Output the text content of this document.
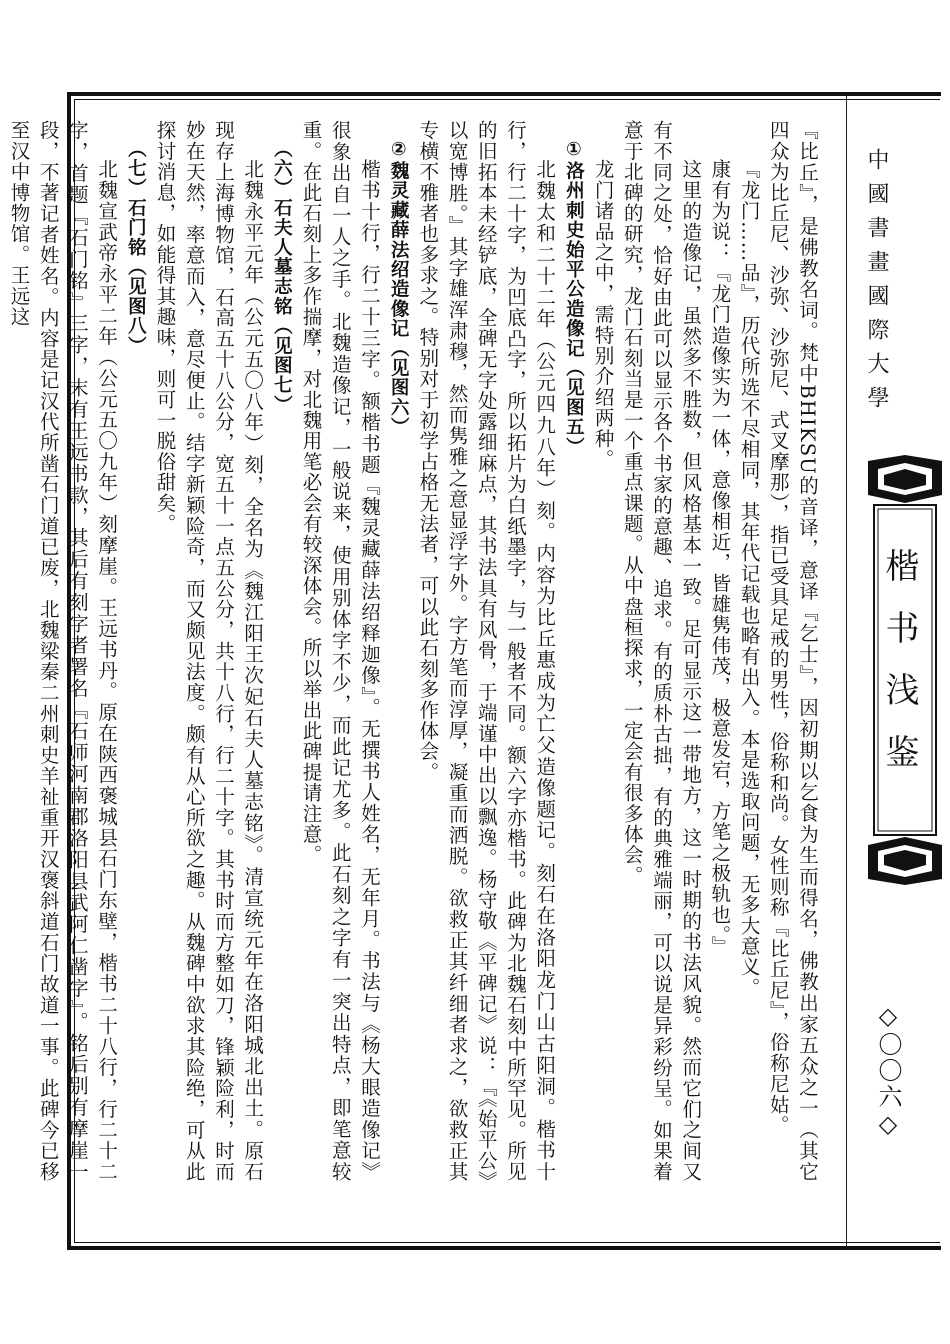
中國書畫國際大學
楷书浅鉴
◇〇〇六◇

『比丘』，是佛教名词。梵中BHIKSU的音译，意译『乞士』，因初期以乞食为生而得名，佛教出家五众之一（其它四众为比丘尼、沙弥、沙弥尼、式叉摩那），指已受具足戒的男性，俗称和尚。女性则称『比丘尼』，俗称尼姑。

『龙门……品』，历代所选不尽相同，其年代记载也略有出入。本是选取问题，无多大意义。

康有为说：『龙门造像实为一体，意像相近，皆雄隽伟茂，极意发宕，方笔之极轨也。』

这里的造像记，虽然多不胜数，但风格基本一致。足可显示这一带地方，这一时期的书法风貌。然而它们之间又有不同之处，恰好由此可以显示各个书家的意趣、追求。有的质朴古拙，有的典雅端丽，可以说是异彩纷呈。如果着意于北碑的研究，龙门石刻当是一个重点课题。从中盘桓探求，一定会有很多体会。

龙门诸品之中，需特别介绍两种。

①洛州刺史始平公造像记（见图五）

北魏太和二十二年（公元四九八年）刻。内容为比丘惠成为亡父造像题记。刻石在洛阳龙门山古阳洞。楷书十行，行二十字，为凹底凸字，所以拓片为白纸墨字，与一般者不同。额六字亦楷书。此碑为北魏石刻中所罕见。所见的旧拓本未经铲底，全碑无字处露细麻点，其书法具有风骨，于端谨中出以飘逸。杨守敬《平碑记》说：『《始平公》以宽博胜。』其字雄浑肃穆，然而隽雅之意显浮字外。字方笔而淳厚，凝重而洒脱。欲救正其纤细者求之，欲救正其专横不雅者也多求之。特别对于初学占格无法者，可以此石刻多作体会。

②魏灵藏薛法绍造像记（见图六）

楷书十行，行二十三字。额楷书题『魏灵藏薛法绍释迦像』。无撰书人姓名，无年月。书法与《杨大眼造像记》很象出自一人之手。北魏造像记，一般说来，使用别体字不少，而此记尤多。此石刻之字有一突出特点，即笔意较重。在此石刻上多作揣摩，对北魏用笔必会有较深体会。所以举出此碑提请注意。

（六）石夫人墓志铭（见图七）

北魏永平元年（公元五〇八年）刻，全名为《魏江阳王次妃石夫人墓志铭》。清宣统元年在洛阳城北出土。原石现存上海博物馆，石高五十八公分，宽五十一点五公分，共十八行，行二十字。其书时而方整如刀，锋颖险利，时而妙在天然，率意而入，意尽便止。结字新颖险奇，而又颇见法度。颇有从心所欲之趣。从魏碑中欲求其险绝，可从此探讨消息，如能得其趣味，则可一脱俗甜矣。

（七）石门铭（见图八）

北魏宣武帝永平二年（公元五〇九年）刻摩崖。王远书丹。原在陕西褒城县石门东壁，楷书二十八行，行二十二字，首题『石门铭』三字，末有王远书款，其后有刻字者署名『石师河南郡洛阳县武阿仁凿字』。铭后别有摩崖一段，不著记者姓名。内容是记汉代所凿石门道已废，北魏梁秦二州刺史羊祉重开汉褒斜道石门故道一事。此碑今已移至汉中博物馆。王远这
